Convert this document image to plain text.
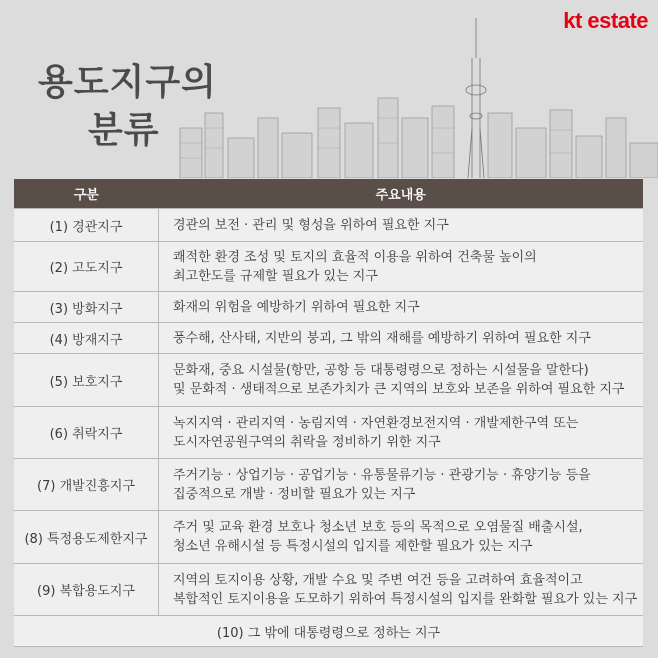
kt estate
용도지구의
분류
구분	주요내용
(1) 경관지구	경관의 보전 · 관리 및 형성을 위하여 필요한 지구

(2) 고도지구	쾌적한 환경 조성 및 토지의 효율적 이용을 위하여 건축물 높이의
최고한도를 규제할 필요가 있는 지구

(3) 방화지구	화재의 위험을 예방하기 위하여 필요한 지구

(4) 방재지구	풍수해, 산사태, 지반의 붕괴, 그 밖의 재해를 예방하기 위하여 필요한 지구

(5) 보호지구	문화재, 중요 시설물(항만, 공항 등 대통령령으로 정하는 시설물을 말한다)
및 문화적 · 생태적으로 보존가치가 큰 지역의 보호와 보존을 위하여 필요한 지구

(6) 취락지구	녹지지역 · 관리지역 · 농림지역 · 자연환경보전지역 · 개발제한구역 또는
도시자연공원구역의 취락을 정비하기 위한 지구

(7) 개발진흥지구	주거기능 · 상업기능 · 공업기능 · 유통물류기능 · 관광기능 · 휴양기능 등을
집중적으로 개발 · 정비할 필요가 있는 지구

(8) 특정용도제한지구	주거 및 교육 환경 보호나 청소년 보호 등의 목적으로 오염물질 배출시설,
청소년 유해시설 등 특정시설의 입지를 제한할 필요가 있는 지구

(9) 복합용도지구	지역의 토지이용 상황, 개발 수요 및 주변 여건 등을 고려하여 효율적이고
복합적인 토지이용을 도모하기 위하여 특정시설의 입지를 완화할 필요가 있는 지구

(10) 그 밖에 대통령령으로 정하는 지구	
